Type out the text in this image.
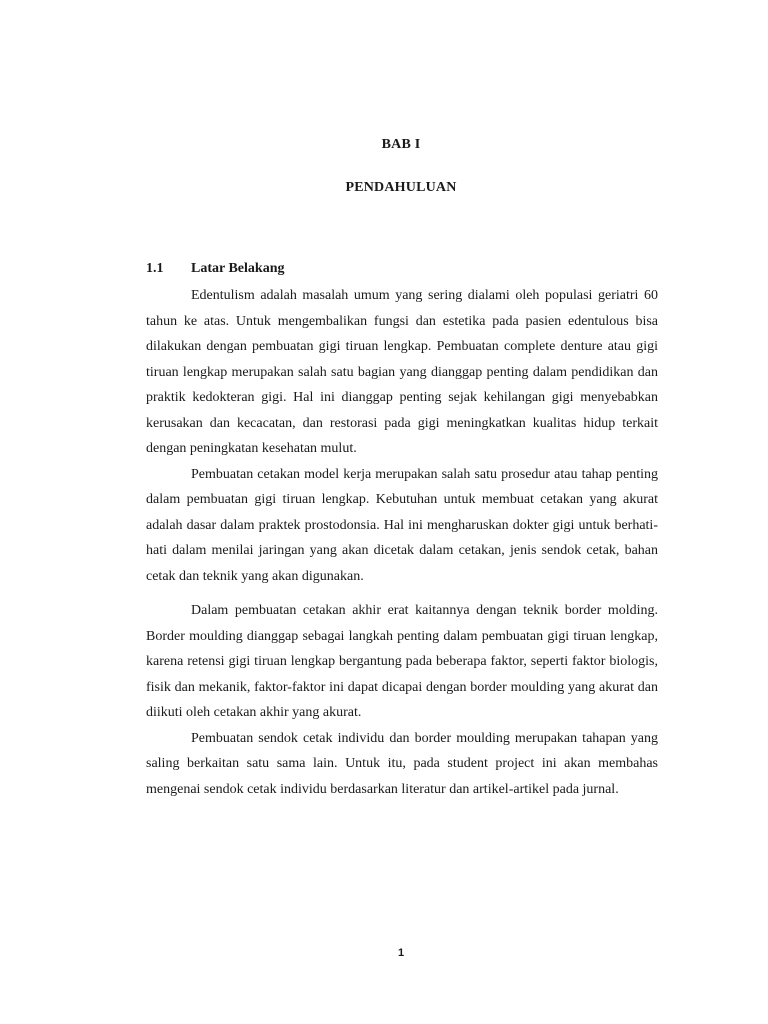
BAB I
PENDAHULUAN
1.1	Latar Belakang

Edentulism adalah masalah umum yang sering dialami oleh populasi geriatri 60 tahun ke atas. Untuk mengembalikan fungsi dan estetika pada pasien edentulous bisa dilakukan dengan pembuatan gigi tiruan lengkap. Pembuatan complete denture atau gigi tiruan lengkap merupakan salah satu bagian yang dianggap penting dalam pendidikan dan praktik kedokteran gigi. Hal ini dianggap penting sejak kehilangan gigi menyebabkan kerusakan dan kecacatan, dan restorasi pada gigi meningkatkan kualitas hidup terkait dengan peningkatan kesehatan mulut.

Pembuatan cetakan model kerja merupakan salah satu prosedur atau tahap penting dalam pembuatan gigi tiruan lengkap. Kebutuhan untuk membuat cetakan yang akurat adalah dasar dalam praktek prostodonsia. Hal ini mengharuskan dokter gigi untuk berhati-hati dalam menilai jaringan yang akan dicetak dalam cetakan, jenis sendok cetak, bahan cetak dan teknik yang akan digunakan.

Dalam pembuatan cetakan akhir erat kaitannya dengan teknik border molding. Border moulding dianggap sebagai langkah penting dalam pembuatan gigi tiruan lengkap, karena retensi gigi tiruan lengkap bergantung pada beberapa faktor, seperti faktor biologis, fisik dan mekanik, faktor-faktor ini dapat dicapai dengan border moulding yang akurat dan diikuti oleh cetakan akhir yang akurat.

Pembuatan sendok cetak individu dan border moulding merupakan tahapan yang saling berkaitan satu sama lain. Untuk itu, pada student project ini akan membahas mengenai sendok cetak individu berdasarkan literatur dan artikel-artikel pada jurnal.

1
